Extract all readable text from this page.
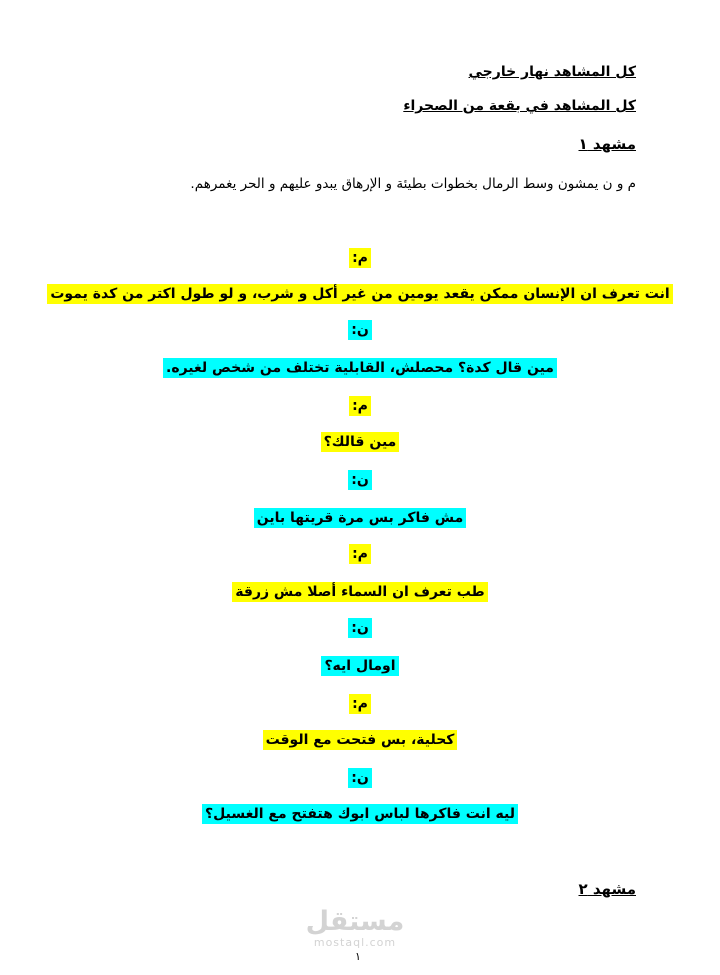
كل المشاهد نهار خارجي
كل المشاهد في بقعة من الصحراء
مشهد ١
م و ن يمشون وسط الرمال بخطوات بطيئة و الإرهاق يبدو عليهم و الحر يغمرهم.
م:
انت تعرف ان الإنسان ممكن يقعد يومين من غير أكل و شرب، و لو طول اكتر من كدة يموت
ن:
مين قال كدة؟ محصلش، القابلية تختلف من شخص لغيره.
م:
مين قالك؟
ن:
مش فاكر بس مرة قريتها باين
م:
طب تعرف ان السماء أصلا مش زرقة
ن:
اومال ايه؟
م:
كحلية، بس فتحت مع الوقت
ن:
ليه انت فاكرها لباس ابوك هتفتح مع الغسيل؟
مشهد ٢
مستقل
mostaql.com
١
